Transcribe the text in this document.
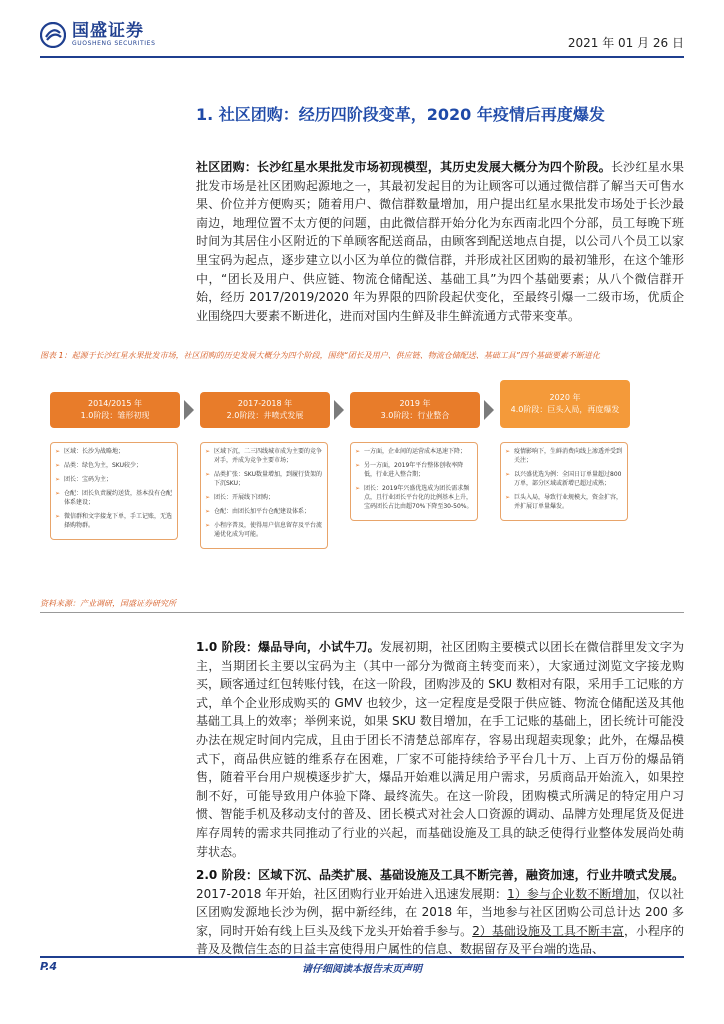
国盛证券
GUOSHENG SECURITIES	2021 年 01 月 26 日
1. 社区团购：经历四阶段变革，2020 年疫情后再度爆发
社区团购：长沙红星水果批发市场初现模型，其历史发展大概分为四个阶段。长沙红星水果批发市场是社区团购起源地之一，其最初发起目的为让顾客可以通过微信群了解当天可售水果、价位并方便购买；随着用户、微信群数量增加，用户提出红星水果批发市场处于长沙最南边，地理位置不太方便的问题，由此微信群开始分化为东西南北四个分部，员工每晚下班时间为其居住小区附近的下单顾客配送商品，由顾客到配送地点自提，以公司八个员工以家里宝码为起点，逐步建立以小区为单位的微信群，并形成社区团购的最初雏形，在这个雏形中，“团长及用户、供应链、物流仓储配送、基础工具”为四个基础要素；从八个微信群开始，经历 2017/2019/2020 年为界限的四阶段起伏变化，至最终引爆一二级市场，优质企业围绕四大要素不断进化，进而对国内生鲜及非生鲜流通方式带来变革。
图表 1：起源于长沙红星水果批发市场，社区团购的历史发展大概分为四个阶段，围绕“团长及用户、供应链、物流仓储配送、基础工具”四个基础要素不断进化
2014/2015 年
1.0阶段：雏形初现
2017-2018 年
2.0阶段：井喷式发展
2019 年
3.0阶段：行业整合
2020 年
4.0阶段：巨头入局，再度爆发
➢ 区域：长沙为战略地；
➢ 品类：绿色为主，SKU较少；
➢ 团长：宝码为主；
➢ 仓配：团长负责履约送货，基本没有仓配体系建设；
➢ 微信群和文字接龙下单，手工记账，无选择购物群。
➢ 区域下沉，二三四线城市成为主要的竞争对手，并成为竞争主要市场；
➢ 品类扩张：SKU数量增加，到履行货架的下沉SKU；
➢ 团长：开展线下团购；
➢ 仓配：由团长加平台仓配建设体系；
➢ 小程序普及，使得用户信息留存及平台流通优化成为可能。
➢ 一方面，企业间的运营成本迅速下降；
➢ 另一方面，2019年平台整体创收率降低，行业进入整合期；
➢ 团长：2019年兴盛优选成为团长需求频点，且行业团长平台化的比例基本上升，宝码团长占比由超70%下降至30-50%。
➢ 疫情影响下，生鲜消费向线上渗透并受到关注；
➢ 以兴盛优选为例：全国日订单量超过800万单，部分区域或新增已超过成熟；
➢ 巨头入局，导致行业规模大，资金扩容，并扩展订单量爆发。
资料来源：产业调研，国盛证券研究所
1.0 阶段：爆品导向，小试牛刀。发展初期，社区团购主要模式以团长在微信群里发文字为主，当期团长主要以宝码为主（其中一部分为微商主转变而来），大家通过浏览文字接龙购买，顾客通过红包转账付钱，在这一阶段，团购涉及的 SKU 数相对有限，采用手工记账的方式，单个企业形成购买的 GMV 也较少，这一定程度是受限于供应链、物流仓储配送及其他基础工具上的效率；举例来说，如果 SKU 数目增加，在手工记账的基础上，团长统计可能没办法在规定时间内完成，且由于团长不清楚总部库存，容易出现超卖现象；此外，在爆品模式下，商品供应链的维系存在困难，厂家不可能持续给予平台几十万、上百万份的爆品销售，随着平台用户规模逐步扩大，爆品开始难以满足用户需求，另质商品开始流入，如果控制不好，可能导致用户体验下降、最终流失。在这一阶段，团购模式所满足的特定用户习惯、智能手机及移动支付的普及、团长模式对社会人口资源的调动、品牌方处理尾货及促进库存周转的需求共同推动了行业的兴起，而基础设施及工具的缺乏使得行业整体发展尚处萌芽状态。
2.0 阶段：区域下沉、品类扩展、基础设施及工具不断完善，融资加速，行业井喷式发展。2017-2018 年开始，社区团购行业开始进入迅速发展期：1）参与企业数不断增加，仅以社区团购发源地长沙为例，据中新经纬，在 2018 年，当地参与社区团购公司总计达 200 多家，同时开始有线上巨头及线下龙头开始着手参与。2）基础设施及工具不断丰富，小程序的普及及微信生态的日益丰富使得用户属性的信息、数据留存及平台端的选品、
P.4	请仔细阅读本报告末页声明
